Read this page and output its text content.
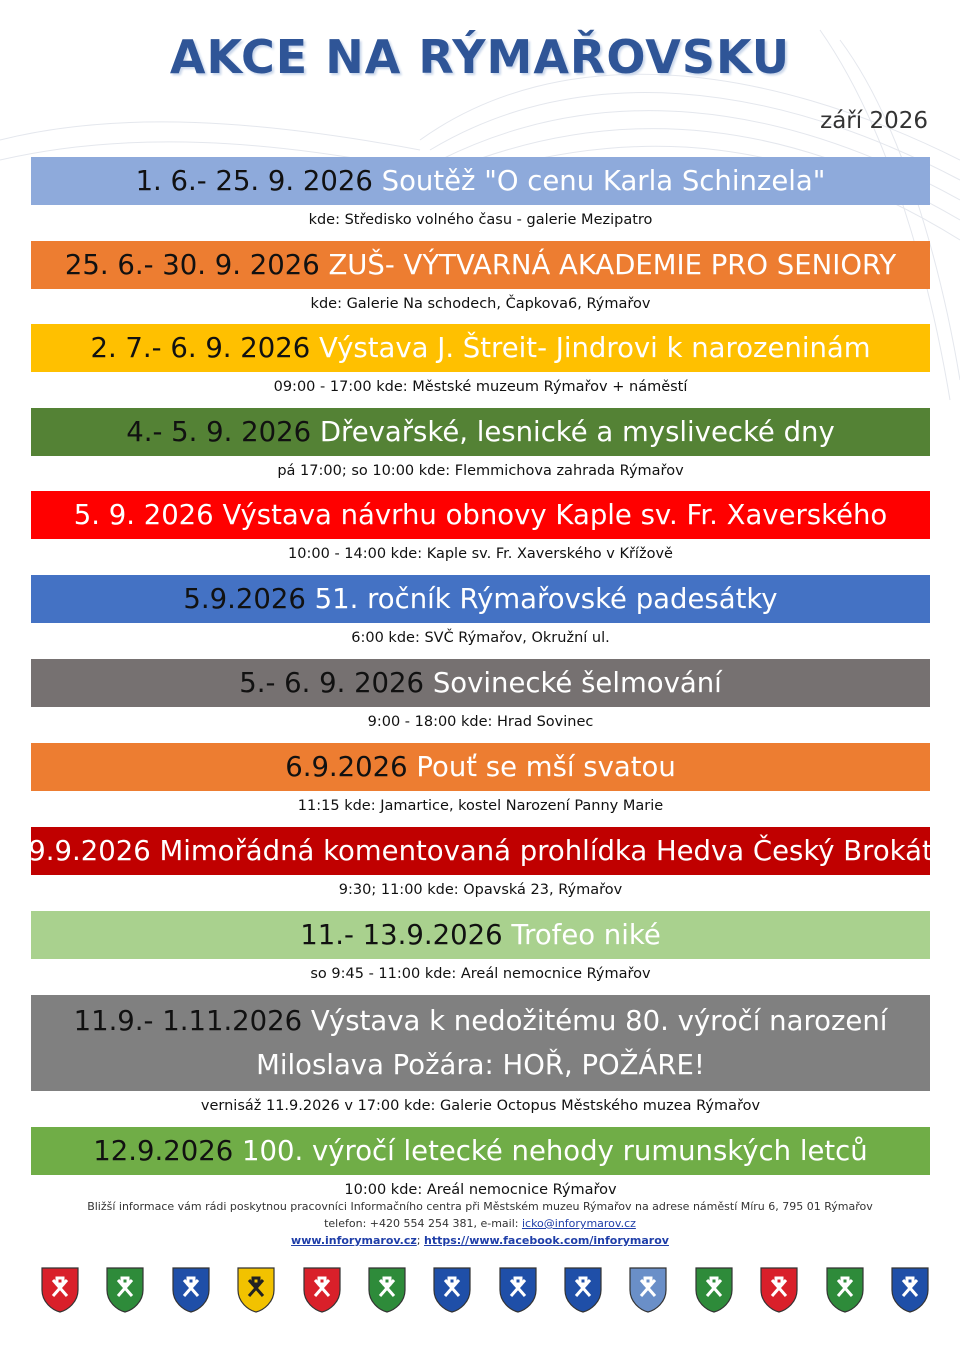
AKCE NA RÝMAŘOVSKU
září 2026
1. 6.- 25. 9. 2026 Soutěž "O cenu Karla Schinzela"
kde: Středisko volného času - galerie Mezipatro
25. 6.- 30. 9. 2026 ZUŠ- VÝTVARNÁ AKADEMIE PRO SENIORY
kde: Galerie Na schodech, Čapkova6, Rýmařov
2. 7.- 6. 9. 2026 Výstava J. Štreit- Jindrovi k narozeninám
09:00 - 17:00 kde: Městské muzeum Rýmařov + náměstí
4.- 5. 9. 2026 Dřevařské, lesnické a myslivecké dny
pá 17:00; so 10:00 kde: Flemmichova zahrada Rýmařov
5. 9. 2026 Výstava návrhu obnovy Kaple sv. Fr. Xaverského
10:00 - 14:00 kde: Kaple sv. Fr. Xaverského v Křížově
5.9.2026 51. ročník Rýmařovské padesátky
6:00 kde: SVČ Rýmařov, Okružní ul.
5.- 6. 9. 2026 Sovinecké šelmování
9:00 - 18:00 kde: Hrad Sovinec
6.9.2026 Pouť se mší svatou
11:15 kde: Jamartice, kostel Narození Panny Marie
9.9.2026 Mimořádná komentovaná prohlídka Hedva Český Brokát
9:30; 11:00 kde: Opavská 23, Rýmařov
11.- 13.9.2026 Trofeo niké
so 9:45 - 11:00 kde: Areál nemocnice Rýmařov
11.9.- 1.11.2026 Výstava k nedožitému 80. výročí narození
Miloslava Požára: HOŘ, POŽÁRE!
vernisáž 11.9.2026 v 17:00 kde: Galerie Octopus Městského muzea Rýmařov
12.9.2026 100. výročí letecké nehody rumunských letců
10:00 kde: Areál nemocnice Rýmařov
Bližší informace vám rádi poskytnou pracovníci Informačního centra při Městském muzeu Rýmařov na adrese náměstí Míru 6, 795 01 Rýmařov
telefon: +420 554 254 381, e-mail: icko@inforymarov.cz
www.inforymarov.cz; https://www.facebook.com/inforymarov
